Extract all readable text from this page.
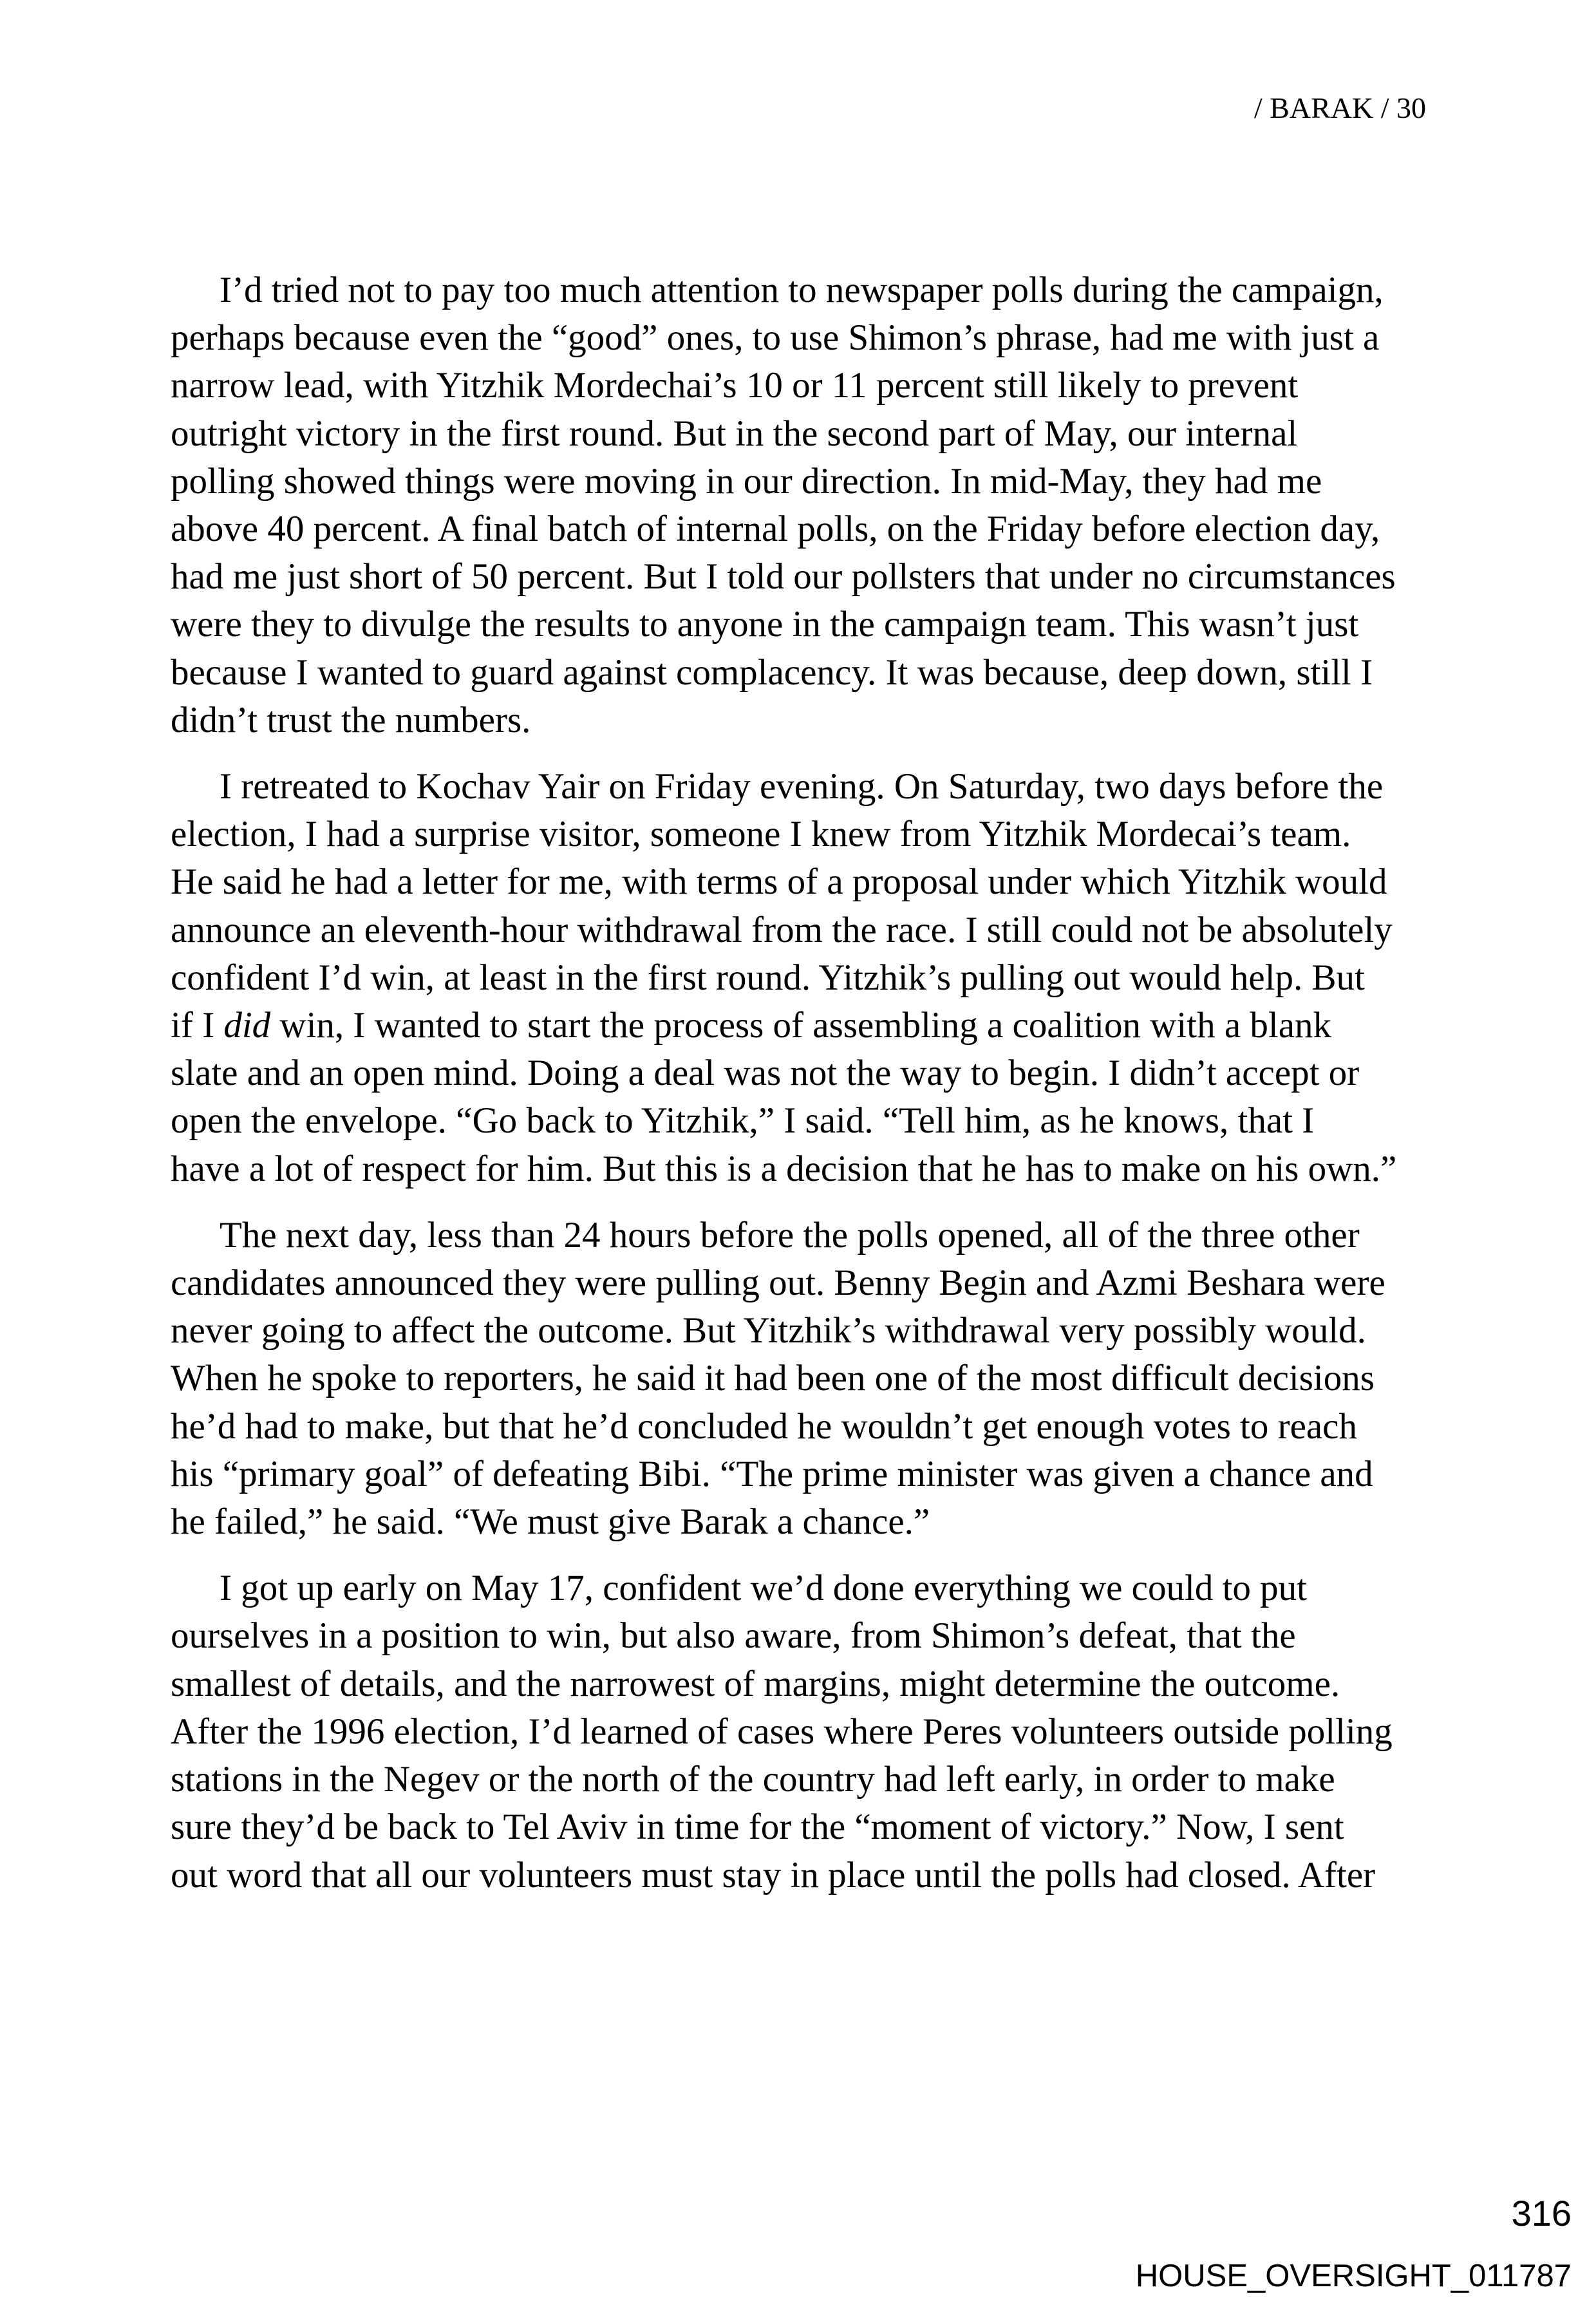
/ BARAK / 30
I’d tried not to pay too much attention to newspaper polls during the campaign,
perhaps because even the “good” ones, to use Shimon’s phrase, had me with just a
narrow lead, with Yitzhik Mordechai’s 10 or 11 percent still likely to prevent
outright victory in the first round. But in the second part of May, our internal
polling showed things were moving in our direction. In mid-May, they had me
above 40 percent. A final batch of internal polls, on the Friday before election day,
had me just short of 50 percent. But I told our pollsters that under no circumstances
were they to divulge the results to anyone in the campaign team. This wasn’t just
because I wanted to guard against complacency. It was because, deep down, still I
didn’t trust the numbers.
I retreated to Kochav Yair on Friday evening. On Saturday, two days before the
election, I had a surprise visitor, someone I knew from Yitzhik Mordecai’s team.
He said he had a letter for me, with terms of a proposal under which Yitzhik would
announce an eleventh-hour withdrawal from the race. I still could not be absolutely
confident I’d win, at least in the first round. Yitzhik’s pulling out would help. But
if I did win, I wanted to start the process of assembling a coalition with a blank
slate and an open mind. Doing a deal was not the way to begin. I didn’t accept or
open the envelope. “Go back to Yitzhik,” I said. “Tell him, as he knows, that I
have a lot of respect for him. But this is a decision that he has to make on his own.”
The next day, less than 24 hours before the polls opened, all of the three other
candidates announced they were pulling out. Benny Begin and Azmi Beshara were
never going to affect the outcome. But Yitzhik’s withdrawal very possibly would.
When he spoke to reporters, he said it had been one of the most difficult decisions
he’d had to make, but that he’d concluded he wouldn’t get enough votes to reach
his “primary goal” of defeating Bibi. “The prime minister was given a chance and
he failed,” he said. “We must give Barak a chance.”
I got up early on May 17, confident we’d done everything we could to put
ourselves in a position to win, but also aware, from Shimon’s defeat, that the
smallest of details, and the narrowest of margins, might determine the outcome.
After the 1996 election, I’d learned of cases where Peres volunteers outside polling
stations in the Negev or the north of the country had left early, in order to make
sure they’d be back to Tel Aviv in time for the “moment of victory.” Now, I sent
out word that all our volunteers must stay in place until the polls had closed. After
316
HOUSE_OVERSIGHT_011787
